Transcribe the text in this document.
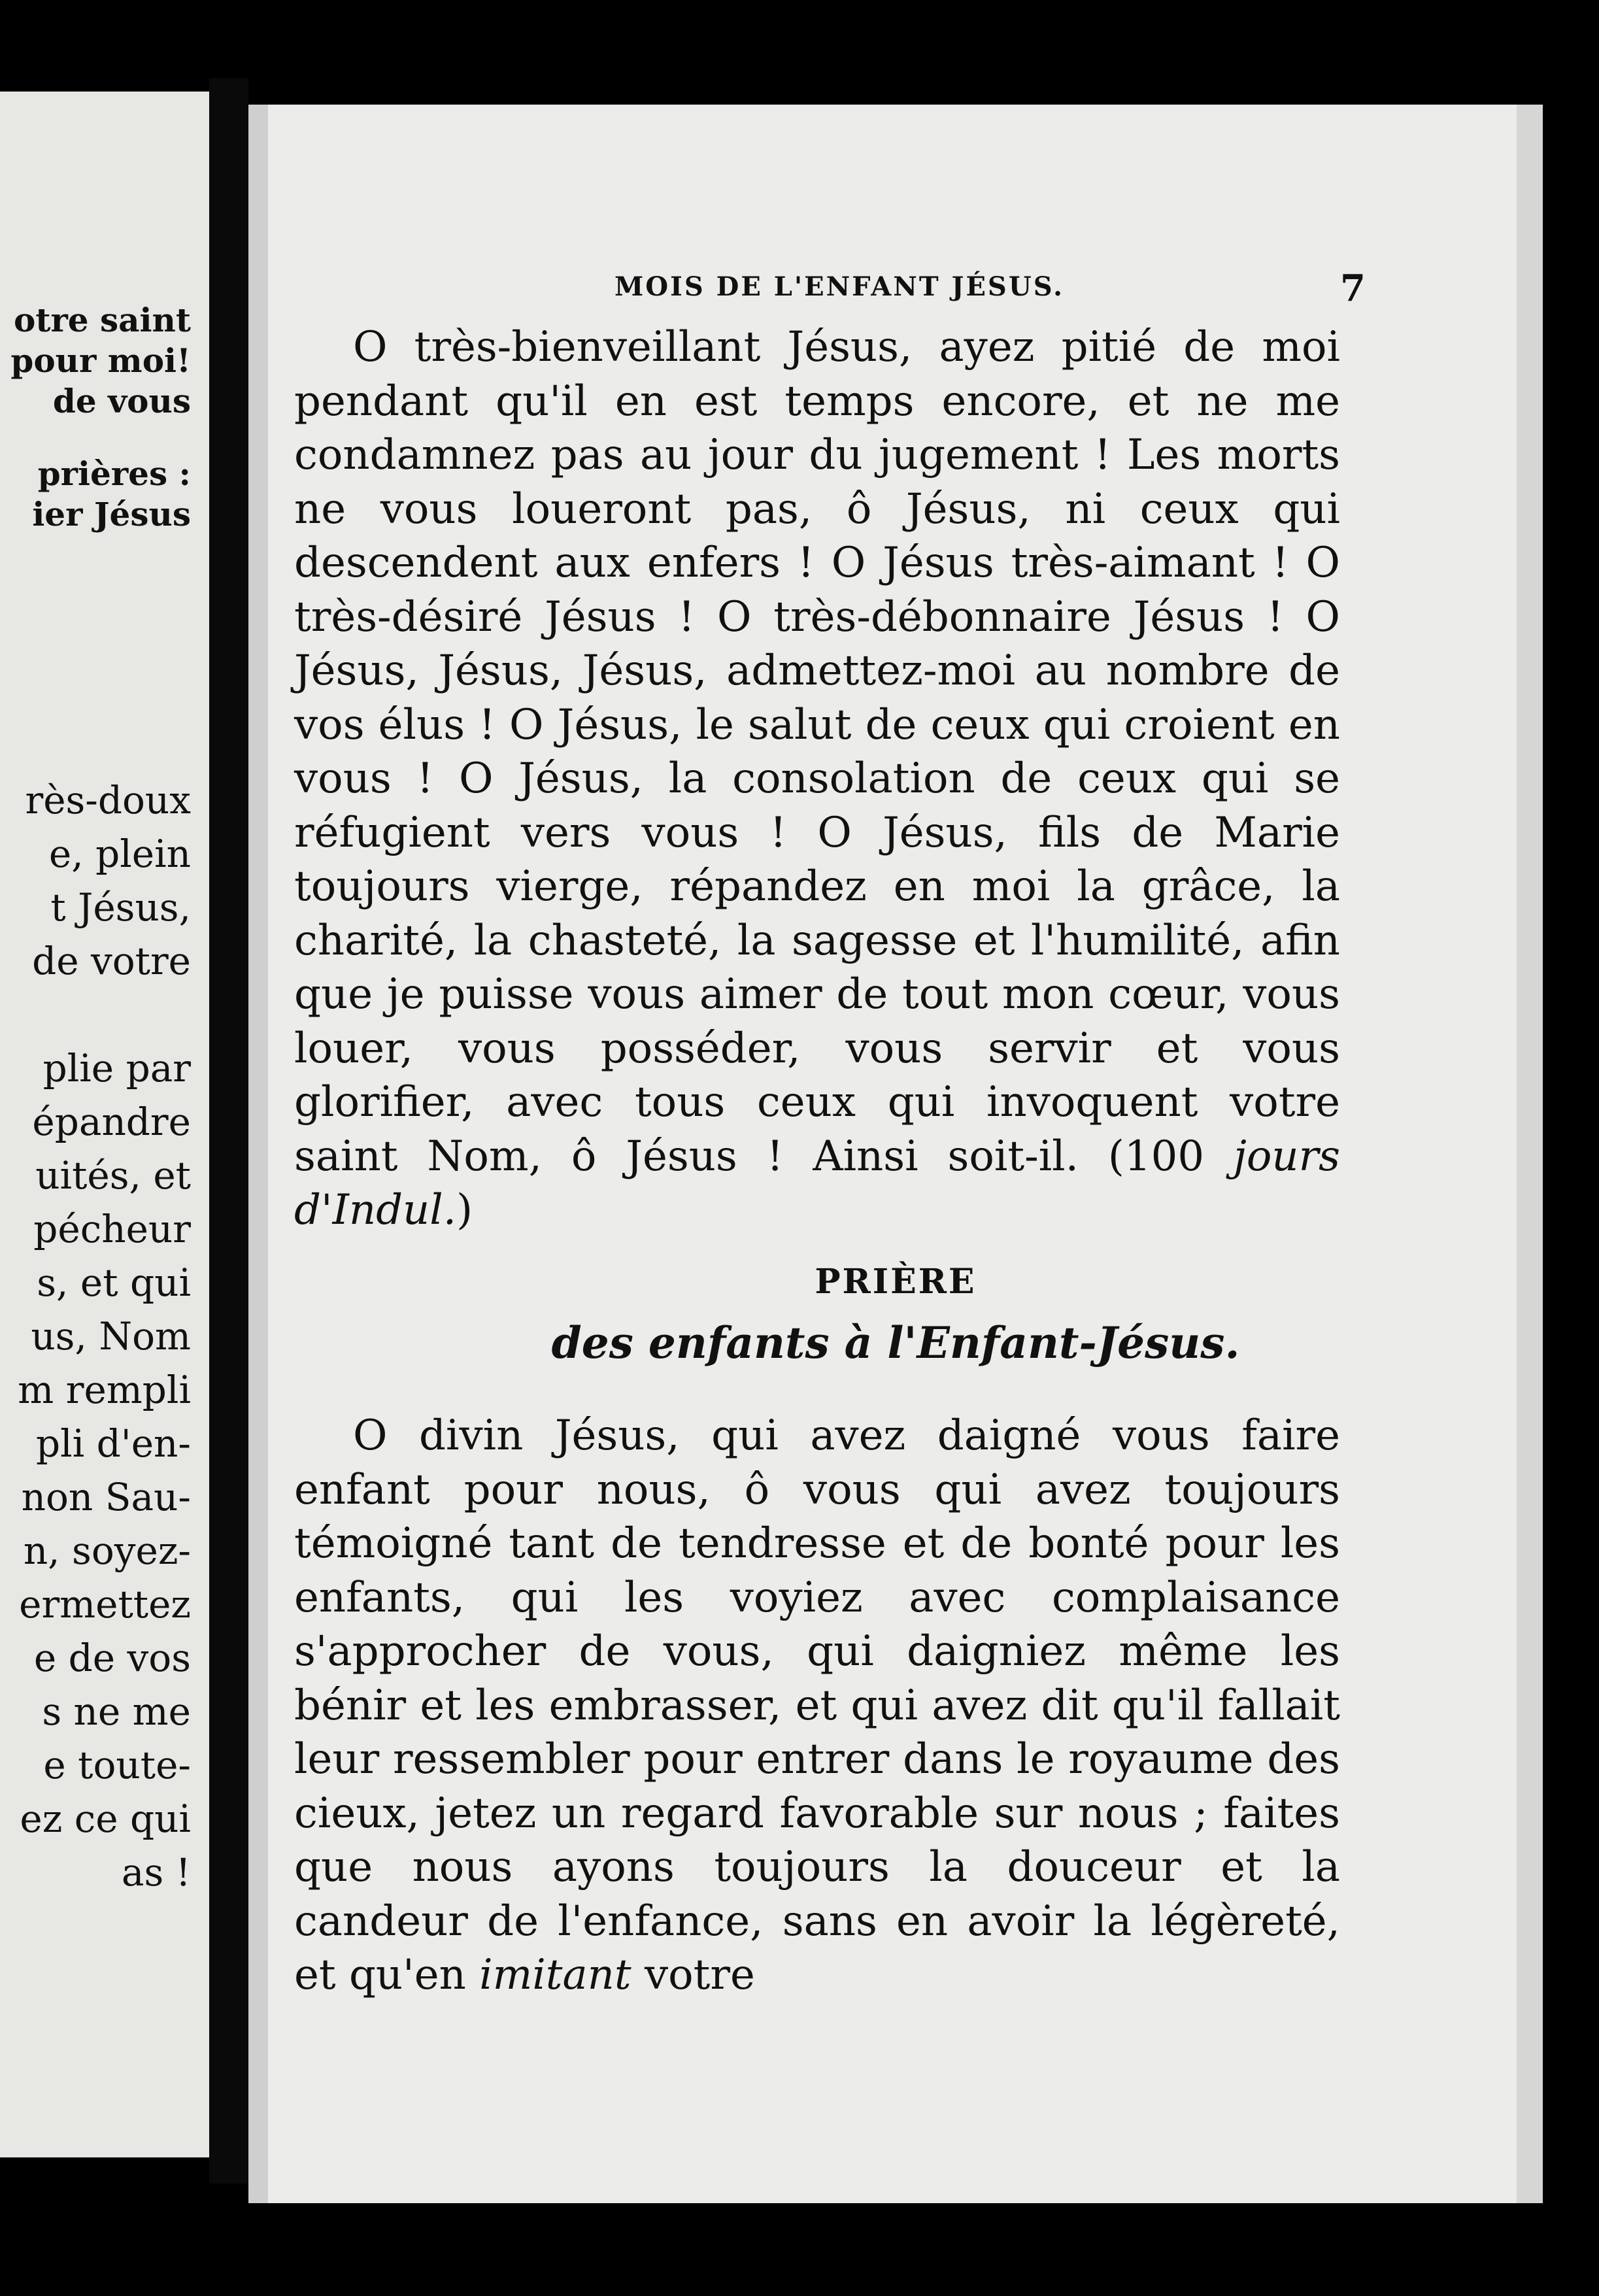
otre saint
pour moi!
de vous
prières :
ier Jésus
rès-doux
e, plein
t Jésus,
de votre
plie par
épandre
uités, et
pécheur
s, et qui
us, Nom
m rempli
pli d'en-
non Sau-
n, soyez-
ermettez
e de vos
s ne me
e toute-
ez ce qui
as !
MOIS DE L'ENFANT JÉSUS.	7

O très-bienveillant Jésus, ayez pitié de moi pendant qu'il en est temps encore, et ne me condamnez pas au jour du jugement ! Les morts ne vous loueront pas, ô Jésus, ni ceux qui descendent aux enfers ! O Jésus très-aimant ! O très-désiré Jésus ! O très-débonnaire Jésus ! O Jésus, Jésus, Jésus, admettez-moi au nombre de vos élus ! O Jésus, le salut de ceux qui croient en vous ! O Jésus, la consolation de ceux qui se réfugient vers vous ! O Jésus, fils de Marie toujours vierge, répandez en moi la grâce, la charité, la chasteté, la sagesse et l'humilité, afin que je puisse vous aimer de tout mon cœur, vous louer, vous posséder, vous servir et vous glorifier, avec tous ceux qui invoquent votre saint Nom, ô Jésus ! Ainsi soit-il. (100 jours d'Indul.)

PRIÈRE
des enfants à l'Enfant-Jésus.

O divin Jésus, qui avez daigné vous faire enfant pour nous, ô vous qui avez toujours témoigné tant de tendresse et de bonté pour les enfants, qui les voyiez avec complaisance s'approcher de vous, qui daigniez même les bénir et les embrasser, et qui avez dit qu'il fallait leur ressembler pour entrer dans le royaume des cieux, jetez un regard favorable sur nous ; faites que nous ayons toujours la douceur et la candeur de l'enfance, sans en avoir la légèreté, et qu'en imitant votre
